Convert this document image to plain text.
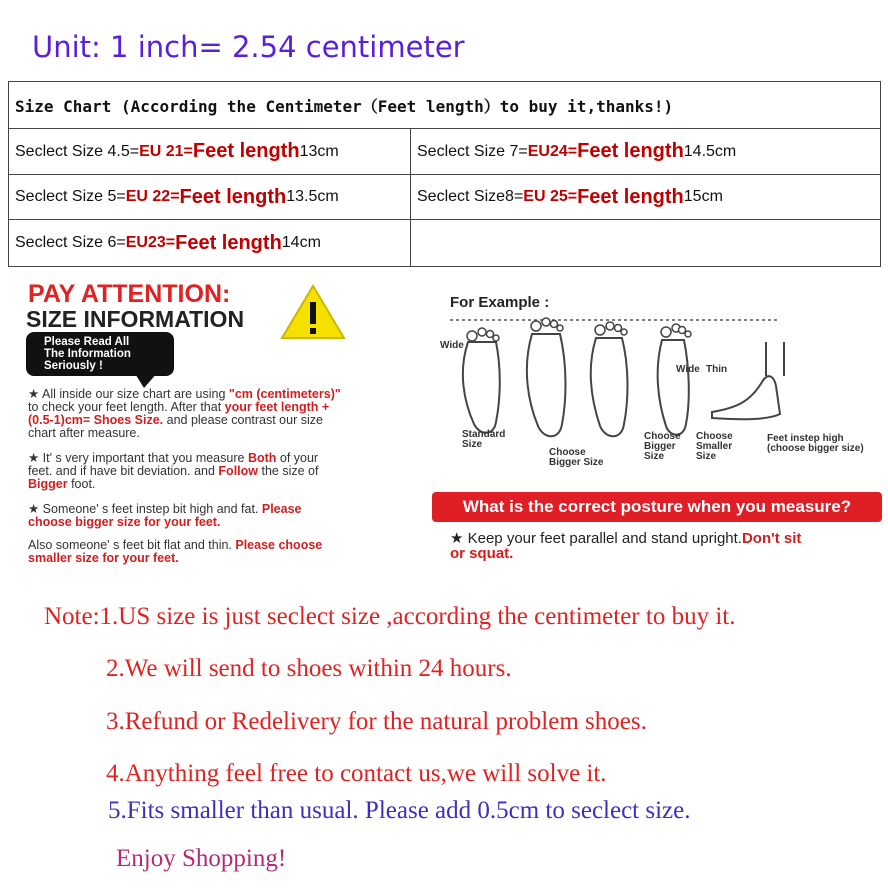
Unit: 1 inch= 2.54 centimeter
Size Chart (According the Centimeter（Feet length）to buy it,thanks!)
Seclect Size 4.5= EU 21 = Feet length 13cm	Seclect Size 7= EU24 = Feet length 14.5cm
Seclect Size 5= EU 22 = Feet length 13.5cm	Seclect Size8= EU 25 = Feet length 15cm
Seclect Size 6= EU23 = Feet length 14cm
PAY ATTENTION:
SIZE INFORMATION
Please Read All
The Information
Seriously !
★ All inside our size chart are using "cm (centimeters)"
to check your feet length. After that your feet length +
(0.5-1)cm= Shoes Size. and please contrast our size
chart after measure.
★ It' s very important that you measure Both of your
feet. and if have bit deviation. and Follow the size of
Bigger foot.
★ Someone' s feet instep bit high and fat. Please
choose bigger size for your feet.
Also someone' s feet bit flat and thin. Please choose
smaller size for your feet.
For Example :
Wide
Wide Thin
Standard
Size
Choose
Bigger Size
Choose
Bigger
Size
Choose
Smaller
Size
Feet instep high
(choose bigger size)
What is the correct posture when you measure?
★ Keep your feet parallel and stand upright.Don't sit
or squat.
Note:1.US size is just seclect size ,according the centimeter to buy it.
2.We will send to shoes within 24 hours.
3.Refund or Redelivery for the natural problem shoes.
4.Anything feel free to contact us,we will solve it.
5.Fits smaller than usual. Please add 0.5cm to seclect size.
Enjoy Shopping!
